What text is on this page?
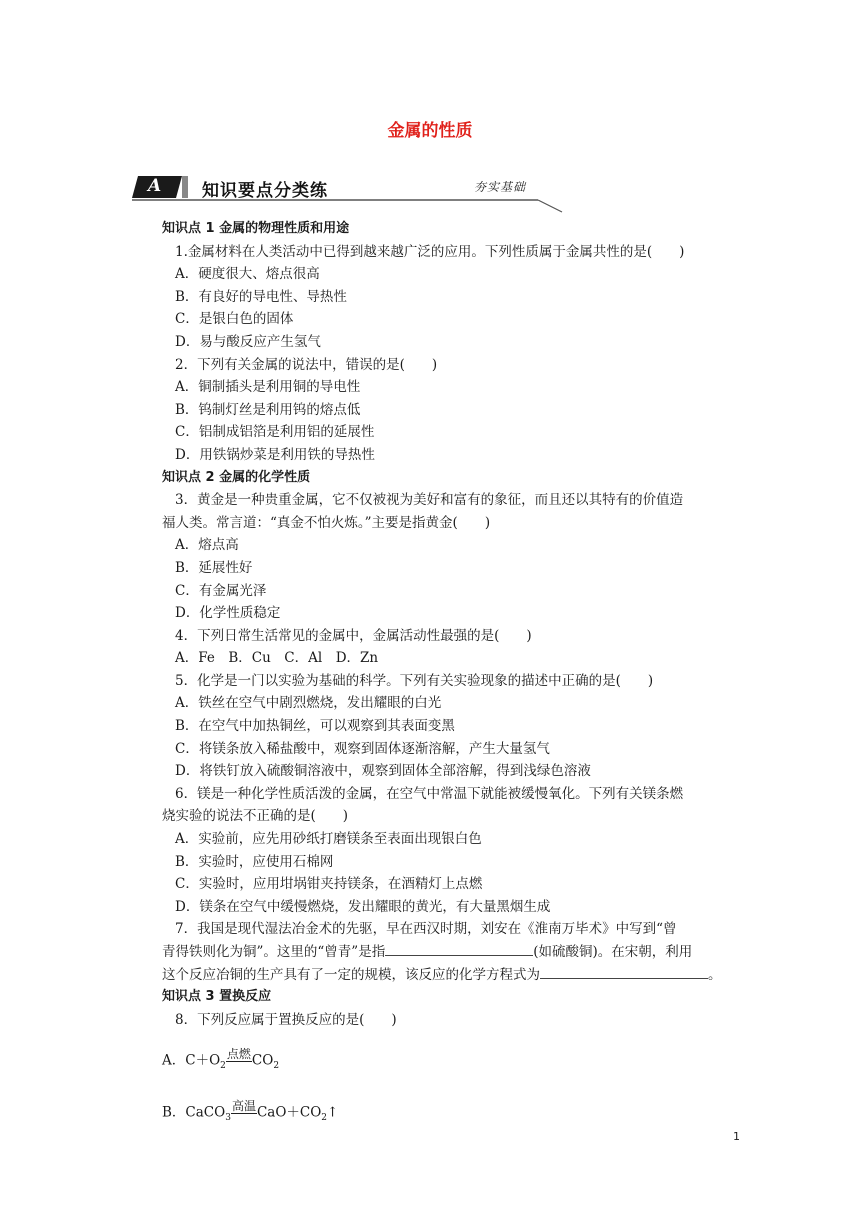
金属的性质
A 知识要点分类练	夯实基础
知识点 1 金属的物理性质和用途
1.金属材料在人类活动中已得到越来越广泛的应用。下列性质属于金属共性的是(　　)
A．硬度很大、熔点很高
B．有良好的导电性、导热性
C．是银白色的固体
D．易与酸反应产生氢气
2．下列有关金属的说法中，错误的是(　　)
A．铜制插头是利用铜的导电性
B．钨制灯丝是利用钨的熔点低
C．铝制成铝箔是利用铝的延展性
D．用铁锅炒菜是利用铁的导热性
知识点 2 金属的化学性质
3．黄金是一种贵重金属，它不仅被视为美好和富有的象征，而且还以其特有的价值造
福人类。常言道：“真金不怕火炼。”主要是指黄金(　　)
A．熔点高
B．延展性好
C．有金属光泽
D．化学性质稳定
4．下列日常生活常见的金属中，金属活动性最强的是(　　)
A．Fe　B．Cu　C．Al　D．Zn
5．化学是一门以实验为基础的科学。下列有关实验现象的描述中正确的是(　　)
A．铁丝在空气中剧烈燃烧，发出耀眼的白光
B．在空气中加热铜丝，可以观察到其表面变黑
C．将镁条放入稀盐酸中，观察到固体逐渐溶解，产生大量氢气
D．将铁钉放入硫酸铜溶液中，观察到固体全部溶解，得到浅绿色溶液
6．镁是一种化学性质活泼的金属，在空气中常温下就能被缓慢氧化。下列有关镁条燃
烧实验的说法不正确的是(　　)
A．实验前，应先用砂纸打磨镁条至表面出现银白色
B．实验时，应使用石棉网
C．实验时，应用坩埚钳夹持镁条，在酒精灯上点燃
D．镁条在空气中缓慢燃烧，发出耀眼的黄光，有大量黑烟生成
7．我国是现代湿法冶金术的先驱，早在西汉时期，刘安在《淮南万毕术》中写到“曾
青得铁则化为铜”。这里的“曾青”是指	(如硫酸铜)。在宋朝，利用
这个反应冶铜的生产具有了一定的规模，该反应的化学方程式为	。
知识点 3 置换反应
8．下列反应属于置换反应的是(　　)
A．$C+O_2$
点燃 $CO_2$
B．CaCO$_3$
高温 $CaO+CO_2↑$
1
